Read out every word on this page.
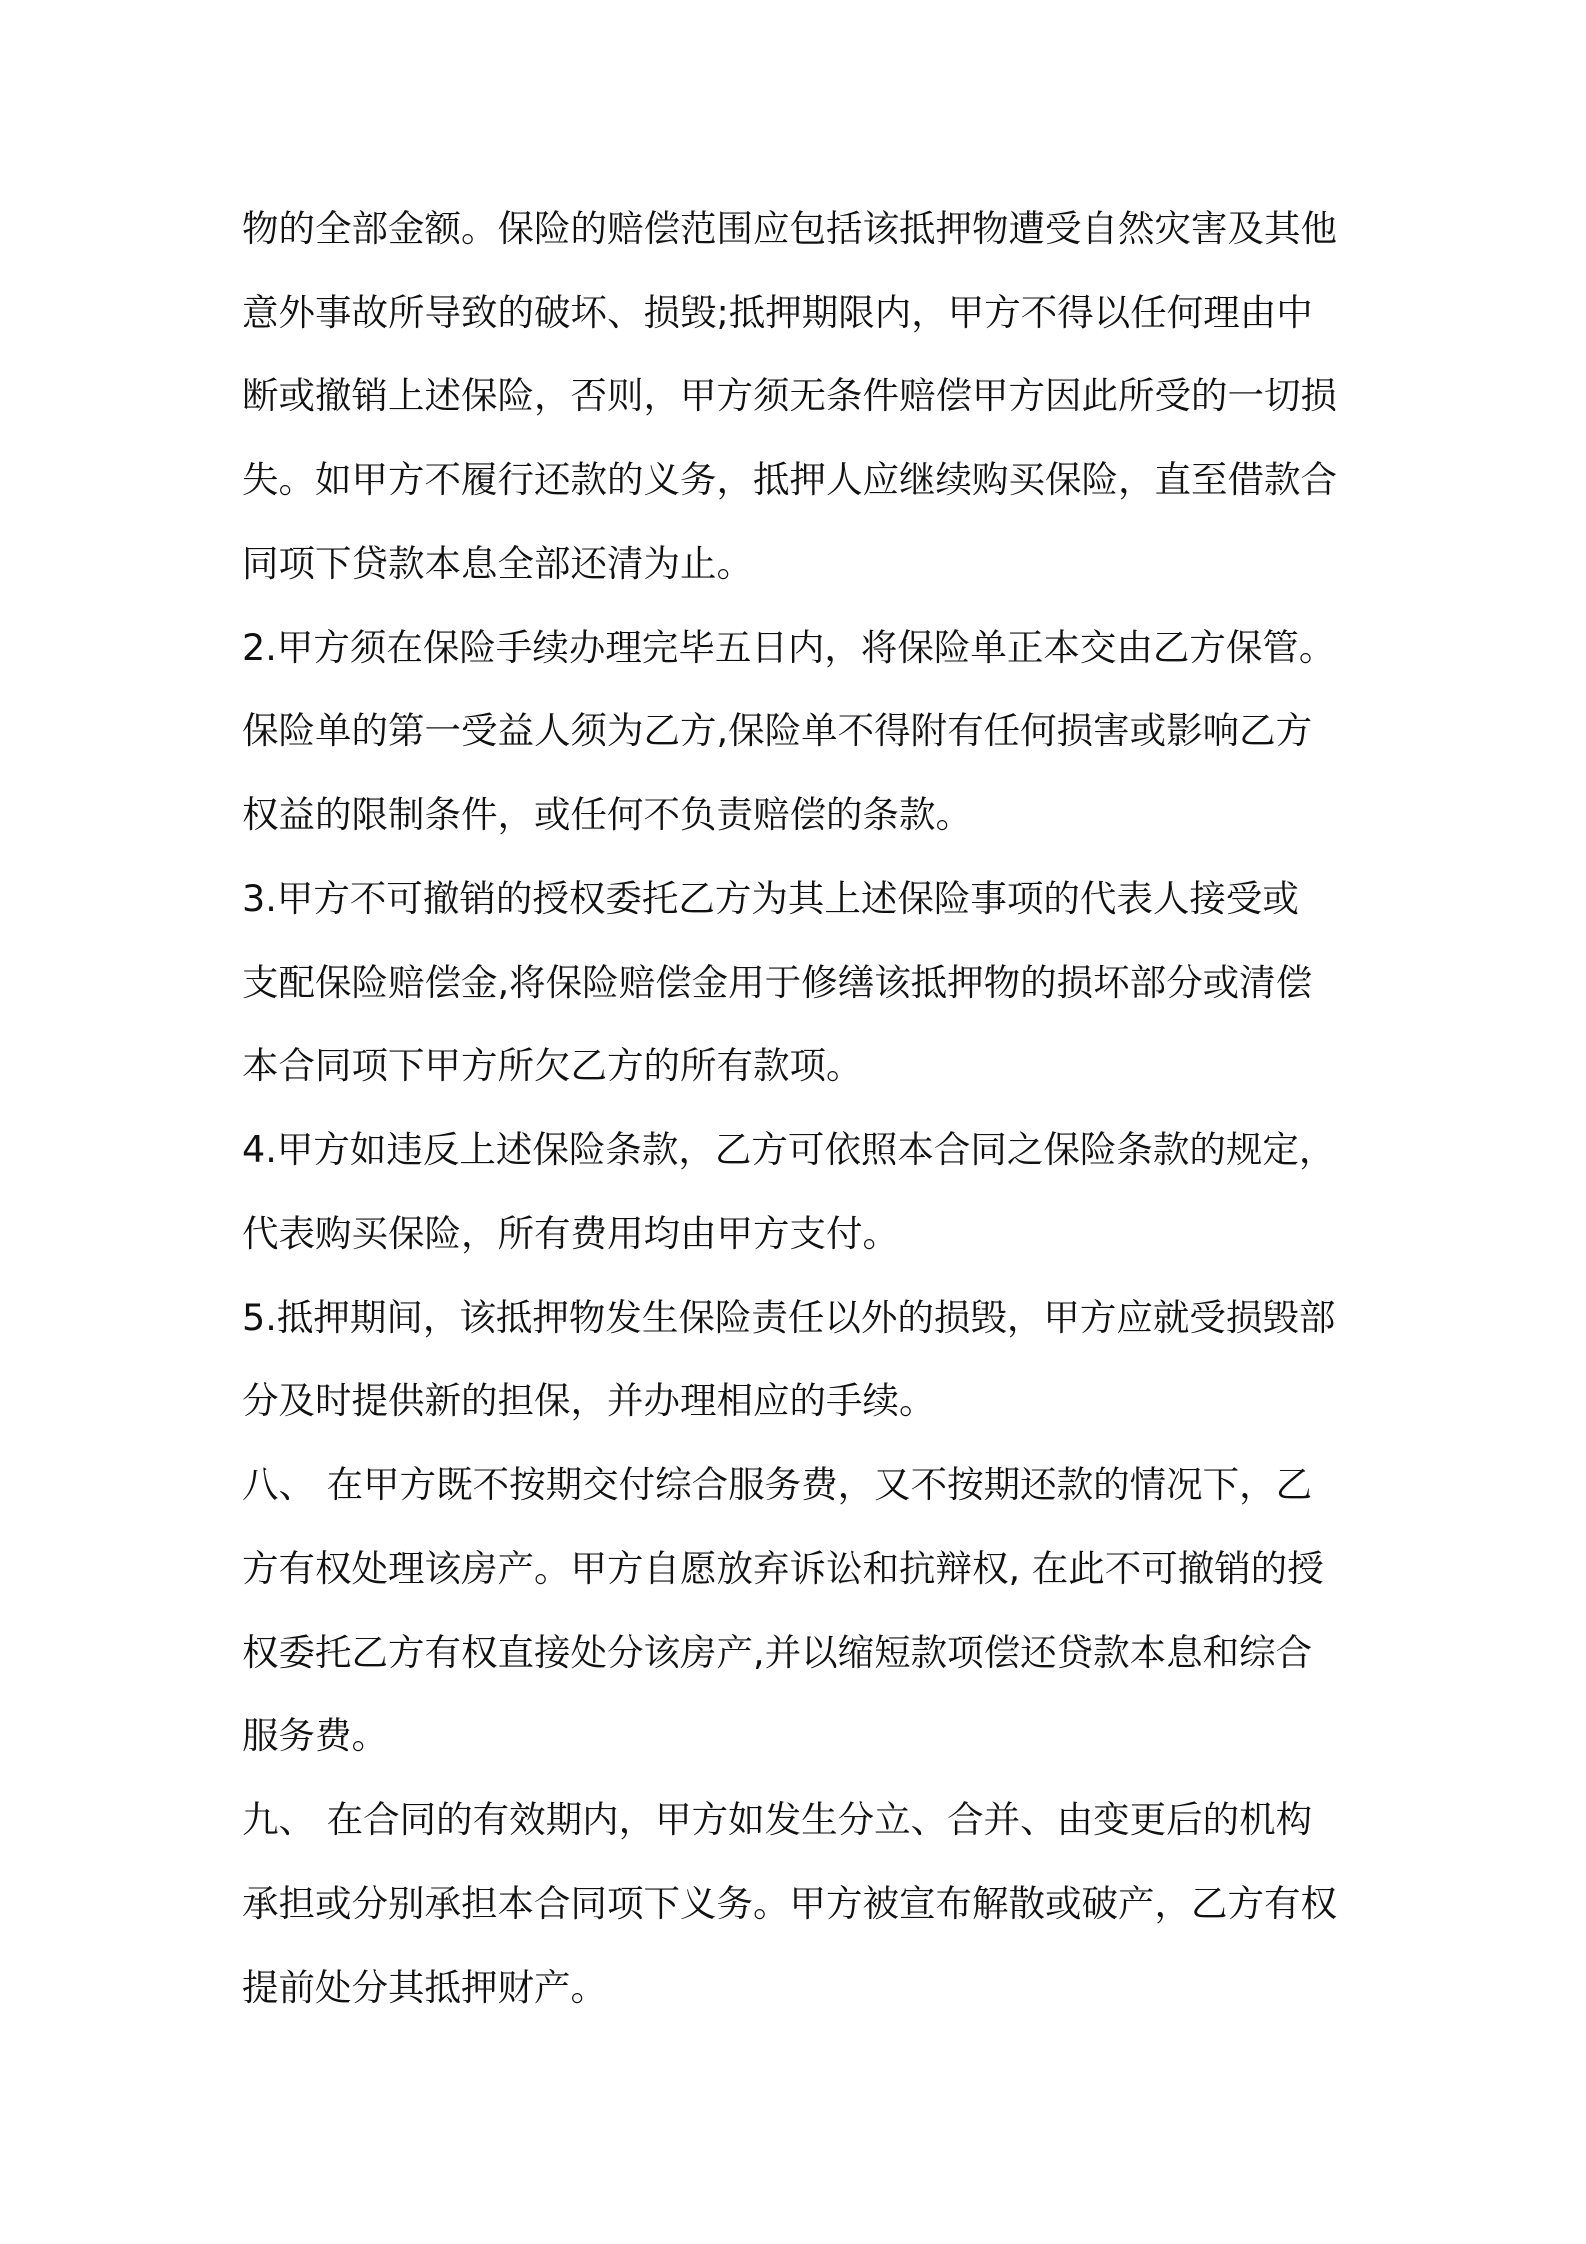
物的全部金额。保险的赔偿范围应包括该抵押物遭受自然灾害及其他

意外事故所导致的破坏、损毁;抵押期限内，甲方不得以任何理由中

断或撤销上述保险，否则，甲方须无条件赔偿甲方因此所受的一切损

失。如甲方不履行还款的义务，抵押人应继续购买保险，直至借款合

同项下贷款本息全部还清为止。

2.甲方须在保险手续办理完毕五日内，将保险单正本交由乙方保管。

保险单的第一受益人须为乙方,保险单不得附有任何损害或影响乙方

权益的限制条件，或任何不负责赔偿的条款。

3.甲方不可撤销的授权委托乙方为其上述保险事项的代表人接受或

支配保险赔偿金,将保险赔偿金用于修缮该抵押物的损坏部分或清偿

本合同项下甲方所欠乙方的所有款项。

4.甲方如违反上述保险条款，乙方可依照本合同之保险条款的规定，

代表购买保险，所有费用均由甲方支付。

5.抵押期间，该抵押物发生保险责任以外的损毁，甲方应就受损毁部

分及时提供新的担保，并办理相应的手续。

八、 在甲方既不按期交付综合服务费，又不按期还款的情况下，乙

方有权处理该房产。甲方自愿放弃诉讼和抗辩权, 在此不可撤销的授

权委托乙方有权直接处分该房产,并以缩短款项偿还贷款本息和综合

服务费。

九、 在合同的有效期内，甲方如发生分立、合并、由变更后的机构

承担或分别承担本合同项下义务。甲方被宣布解散或破产，乙方有权

提前处分其抵押财产。
